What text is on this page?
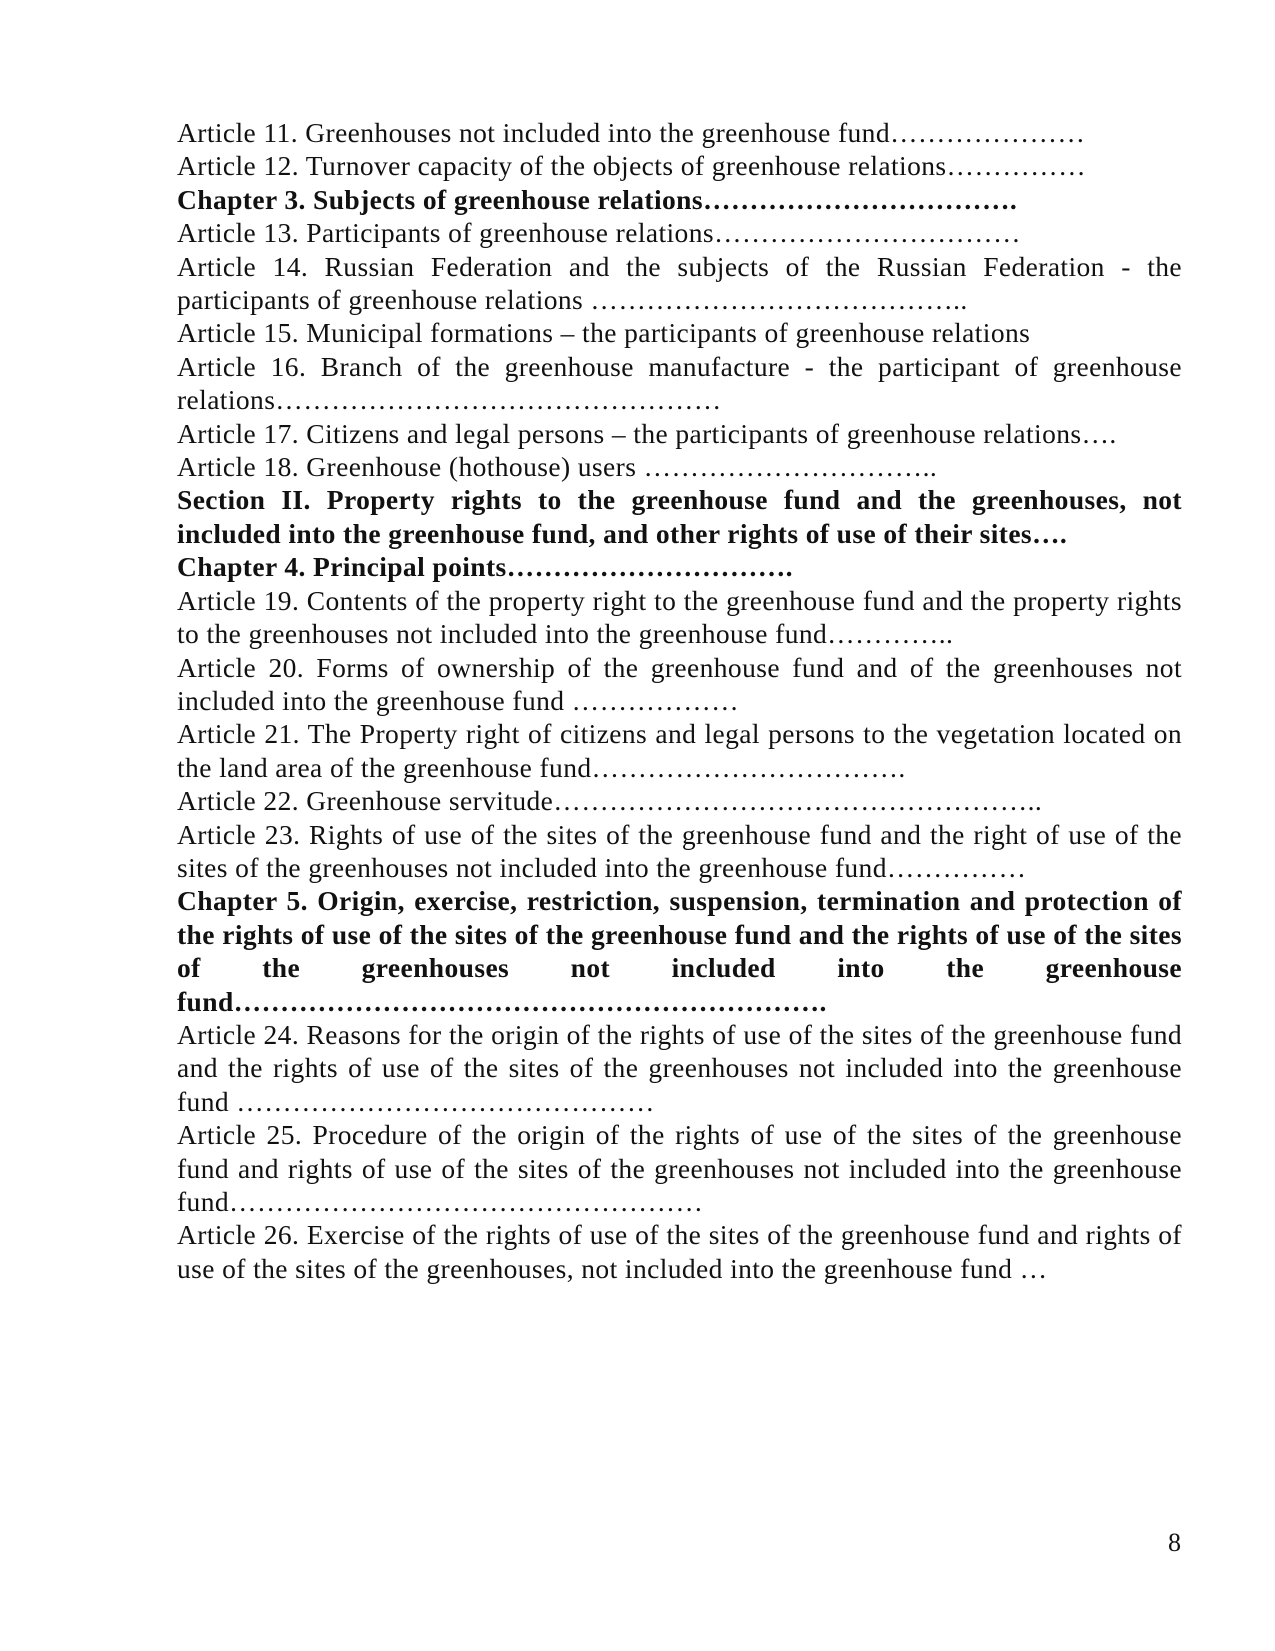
Article 11. Greenhouses not included into the greenhouse fund…………………

Article 12. Turnover capacity of the objects of greenhouse relations……………

Chapter 3. Subjects of greenhouse relations…………………………….

Article 13. Participants of greenhouse relations……………………………

Article 14. Russian Federation and the subjects of the Russian Federation - the participants of greenhouse relations …………………………………..

Article 15. Municipal formations – the participants of greenhouse relations

Article 16. Branch of the greenhouse manufacture - the participant of greenhouse relations…………………………………………

Article 17. Citizens and legal persons – the participants of greenhouse relations….

Article 18. Greenhouse (hothouse) users …………………………..

Section II. Property rights to the greenhouse fund and the greenhouses, not included into the greenhouse fund, and other rights of use of their sites….

Chapter 4. Principal points………………………….

Article 19. Contents of the property right to the greenhouse fund and the property rights to the greenhouses not included into the greenhouse fund…………..

Article 20. Forms of ownership of the greenhouse fund and of the greenhouses not included into the greenhouse fund ………………

Article 21. The Property right of citizens and legal persons to the vegetation located on the land area of the greenhouse fund…………………………….

Article 22. Greenhouse servitude……………………………………………..

Article 23. Rights of use of the sites of the greenhouse fund and the right of use of the sites of the greenhouses not included into the greenhouse fund……………

Chapter 5. Origin, exercise, restriction, suspension, termination and protection of the rights of use of the sites of the greenhouse fund and the rights of use of the sites of the greenhouses not included into the greenhouse fund……………………………………………………….

Article 24. Reasons for the origin of the rights of use of the sites of the greenhouse fund and the rights of use of the sites of the greenhouses not included into the greenhouse fund ………………………………………

Article 25. Procedure of the origin of the rights of use of the sites of the greenhouse fund and rights of use of the sites of the greenhouses not included into the greenhouse fund……………………………………………

Article 26. Exercise of the rights of use of the sites of the greenhouse fund and rights of use of the sites of the greenhouses, not included into the greenhouse fund …

8
